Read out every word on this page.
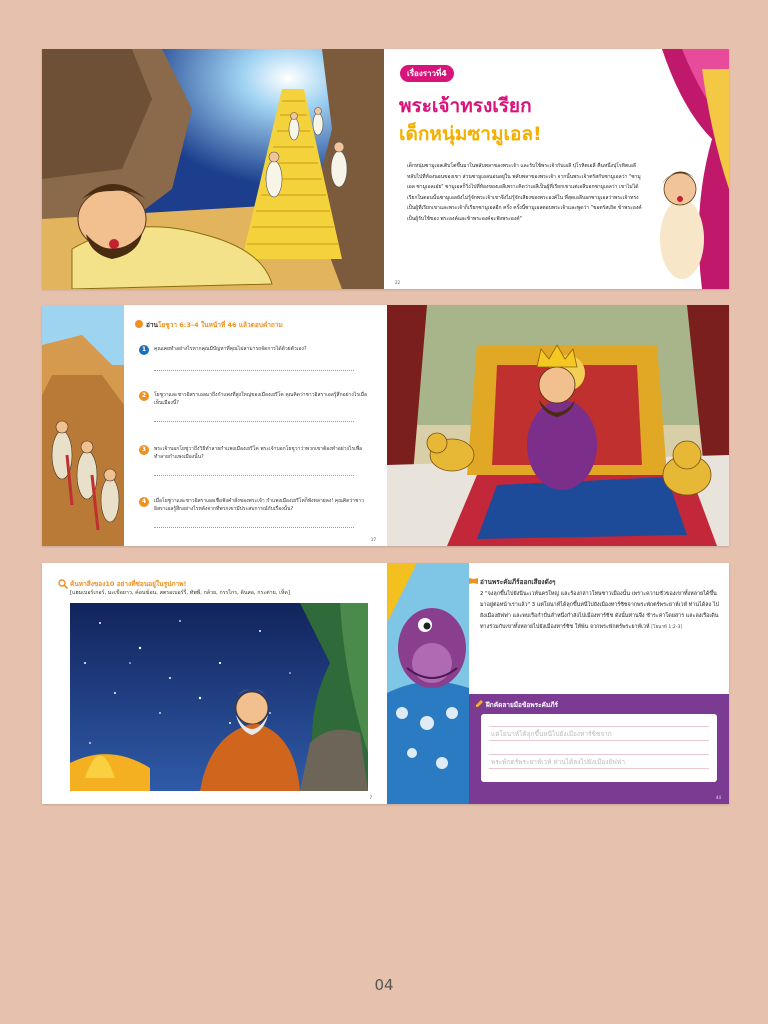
เรื่องราวที่4
พระเจ้าทรงเรียก
เด็กหนุ่มซามูเอล!
เด็กหนุ่มซามูเอลเติบโตขึ้นมาในพลับพลาของพระเจ้า และรับใช้พระเจ้ากับเอลี ปุโรหิตเอลี คืนหนึ่งปุโรหิตเอลีหลับไปที่ห้องนอนของเขา ส่วนซามูเอลนอนอยู่ใน พลับพลาของพระเจ้า จากนั้นพระเจ้าตรัสกับซามูเอลว่า "ซามูเอล ซามูเอลเอ๋ย" ซามูเอลก็วิ่งไปที่ห้องของเอลีเพราะคิดว่าเอลีเป็นผู้ที่เรียกเขาแต่เอลีบอกซามูเอลว่า เขาไม่ได้เรียกในตอนนั้นซามูเอลยังไม่รู้จักพระเจ้าเขาจึงไม่รู้จักเสียงของพระองค์ใน ที่สุดเอลีบอกซามูเอลว่าพระเจ้าทรงเป็นผู้ที่เรียกเขาและพระเจ้าก็เรียกซามูเอลอีก ครั้ง ครั้งนี้ซามูเอลตอบพระเจ้าและพูดว่า "ขอตรัสเถิด ข้าพระองค์เป็นผู้รับใช้ของ พระองค์และข้าพระองค์จะฟังพระองค์"
22
อ่านโยชูวา 6:3–4 ในหน้าที่ 46 แล้วตอบคำถาม
1	คุณเคยทำอย่างไรหากคุณมีปัญหาที่คุณไม่สามารถจัดการได้ด้วยตัวเอง?
2	โยชูวาและชาวอิสราเอลมาถึงกำแพงที่สูงใหญ่ของเมืองเยรีโค คุณคิดว่าชาวอิสราเอลรู้สึกอย่างไรเมื่อเห็นเมืองนี้?
3	พระเจ้าบอกโยชูวาถึงวิธีทำลายกำแพงเมืองเยรีโค พระเจ้าบอกโยชูวาว่าพวกเขาต้องทำอย่างไรเพื่อทำลายกำแพงเมืองนั้น?
4	เมื่อโยชูวาและชาวอิสราเอลเชื่อฟังคำสั่งของพระเจ้า กำแพงเมืองเยรีโคก็พังทลายลง! คุณคิดว่าชาวอิสราเอลรู้สึกอย่างไรหลังจากที่พวกเขามีประสบการณ์กับเรื่องนั้น?
17
ค้นหาสิ่งของ10 อย่างที่ซ่อนอยู่ในรูปภาพ!
[แฮมเบอร์เกอร์, มะเขือยาว, ค้อนฆ้อน, สตรอเบอร์รี่, ทัพพี, กล้วย, กรรไกร, ดินสอ, กระต่าย, เห็ด]
7
อ่านพระคัมภีร์ออกเสียงดังๆ
2 "จงลุกขึ้นไปยังนีนะเวห์นครใหญ่ และร้องกล่าวโทษชาวเมืองนั้น เพราะความชั่วของเขาทั้งหลายได้ขึ้นมาอยู่ต่อหน้าเราแล้ว" 3 แต่โยนาห์ได้ลุกขึ้นหนีไปยังเมืองทาร์ชิชจากพระพักตร์พระยาห์เวห์ ท่านได้ลง ไปยังเมืองยัฟฟา และพบเรือกำปั่นลำหนึ่งกำลังไปเมืองทาร์ชิช ดังนั้นท่านจึง ชำระค่าโดยสาร และลงเรือเดินทางร่วมกับเขาทั้งหลายไปยังเมืองทาร์ชิช ให้พ้น จากพระพักตร์พระยาห์เวห์ [โยนาห์ 1:2-3]
ฝึกคัดลายมือข้อพระคัมภีร์
แต่โยนาห์ได้ลุกขึ้นหนีไปยังเมืองทาร์ชิชจาก
พระพักตร์พระยาห์เวห์ ท่านได้ลงไปยังเมืองยัฟฟา
44
04
